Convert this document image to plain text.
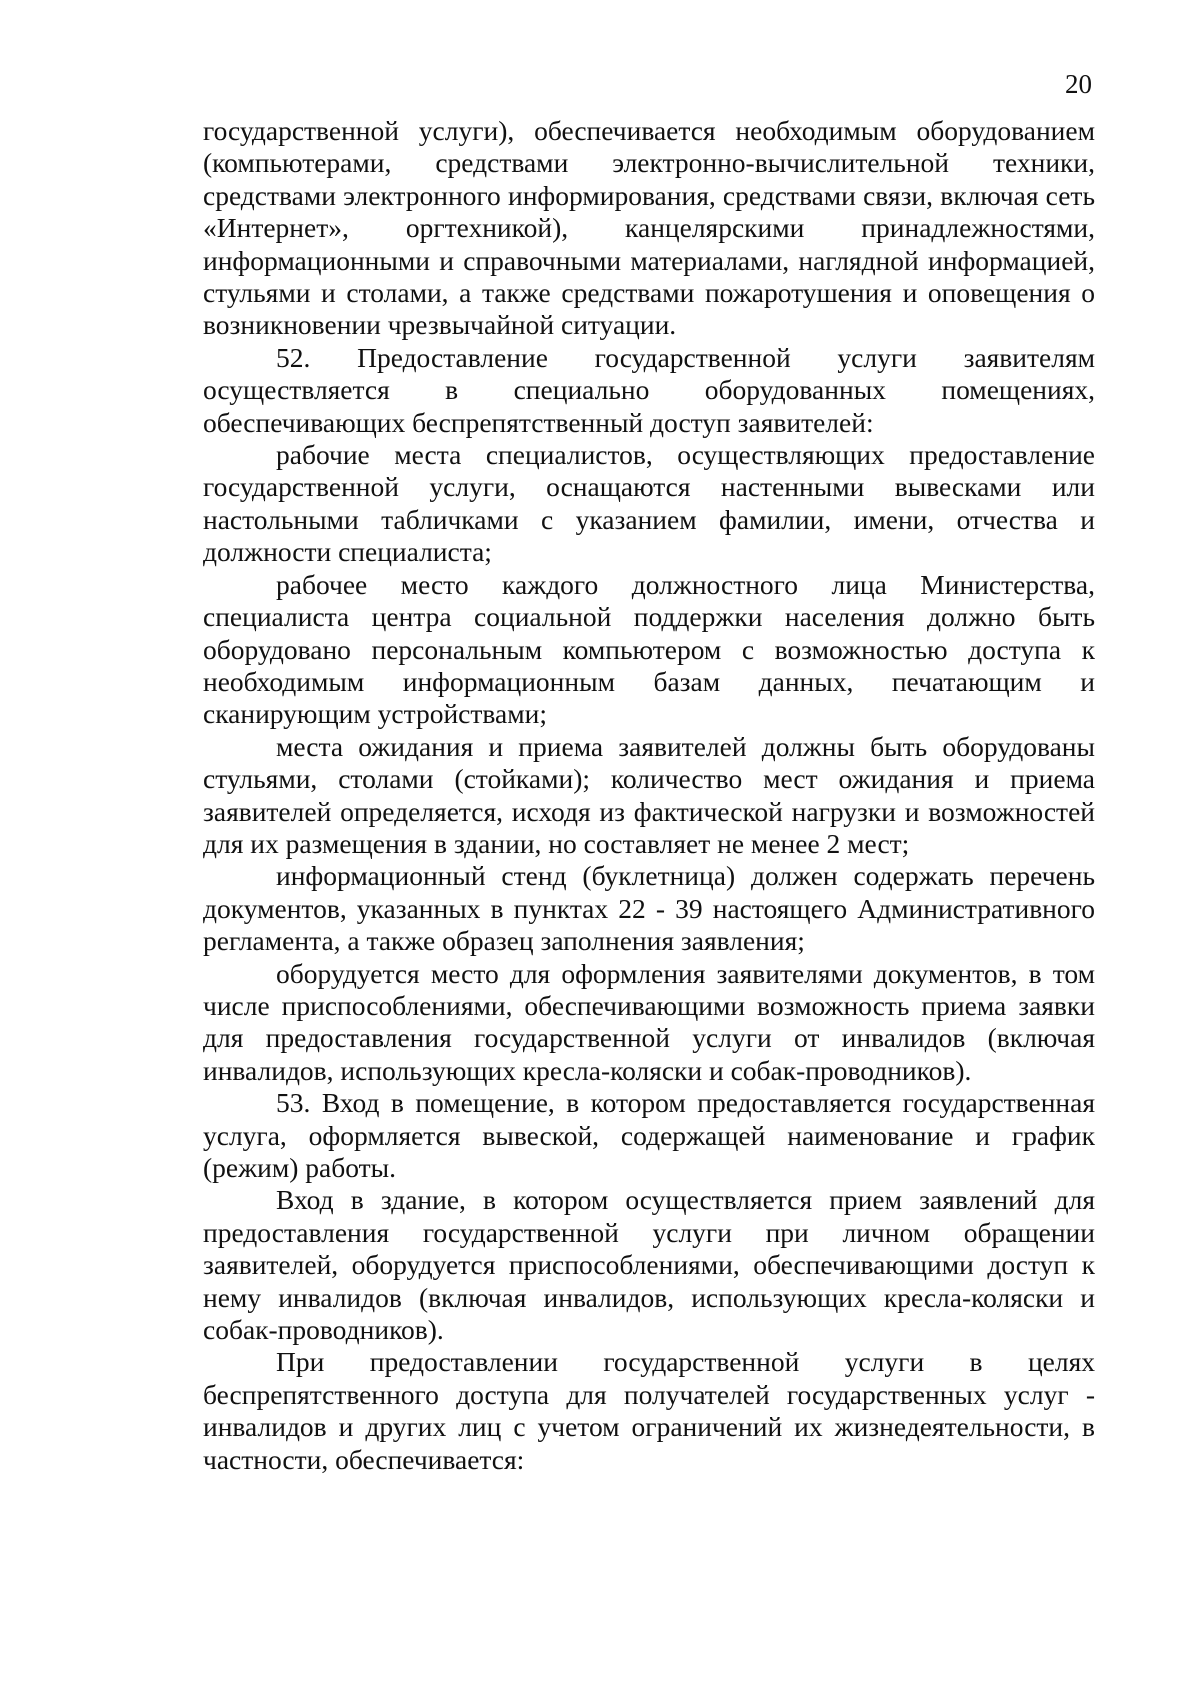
20

государственной услуги), обеспечивается необходимым оборудованием (компьютерами, средствами электронно-вычислительной техники, средствами электронного информирования, средствами связи, включая сеть «Интернет», оргтехникой), канцелярскими принадлежностями, информационными и справочными материалами, наглядной информацией, стульями и столами, а также средствами пожаротушения и оповещения о возникновении чрезвычайной ситуации.

52. Предоставление государственной услуги заявителям осуществляется в специально оборудованных помещениях, обеспечивающих беспрепятственный доступ заявителей:

рабочие места специалистов, осуществляющих предоставление государственной услуги, оснащаются настенными вывесками или настольными табличками с указанием фамилии, имени, отчества и должности специалиста;

рабочее место каждого должностного лица Министерства, специалиста центра социальной поддержки населения должно быть оборудовано персональным компьютером с возможностью доступа к необходимым информационным базам данных, печатающим и сканирующим устройствами;

места ожидания и приема заявителей должны быть оборудованы стульями, столами (стойками); количество мест ожидания и приема заявителей определяется, исходя из фактической нагрузки и возможностей для их размещения в здании, но составляет не менее 2 мест;

информационный стенд (буклетница) должен содержать перечень документов, указанных в пунктах 22 - 39 настоящего Административного регламента, а также образец заполнения заявления;

оборудуется место для оформления заявителями документов, в том числе приспособлениями, обеспечивающими возможность приема заявки для предоставления государственной услуги от инвалидов (включая инвалидов, использующих кресла-коляски и собак-проводников).

53. Вход в помещение, в котором предоставляется государственная услуга, оформляется вывеской, содержащей наименование и график (режим) работы.

Вход в здание, в котором осуществляется прием заявлений для предоставления государственной услуги при личном обращении заявителей, оборудуется приспособлениями, обеспечивающими доступ к нему инвалидов (включая инвалидов, использующих кресла-коляски и собак-проводников).

При предоставлении государственной услуги в целях беспрепятственного доступа для получателей государственных услуг - инвалидов и других лиц с учетом ограничений их жизнедеятельности, в частности, обеспечивается:
